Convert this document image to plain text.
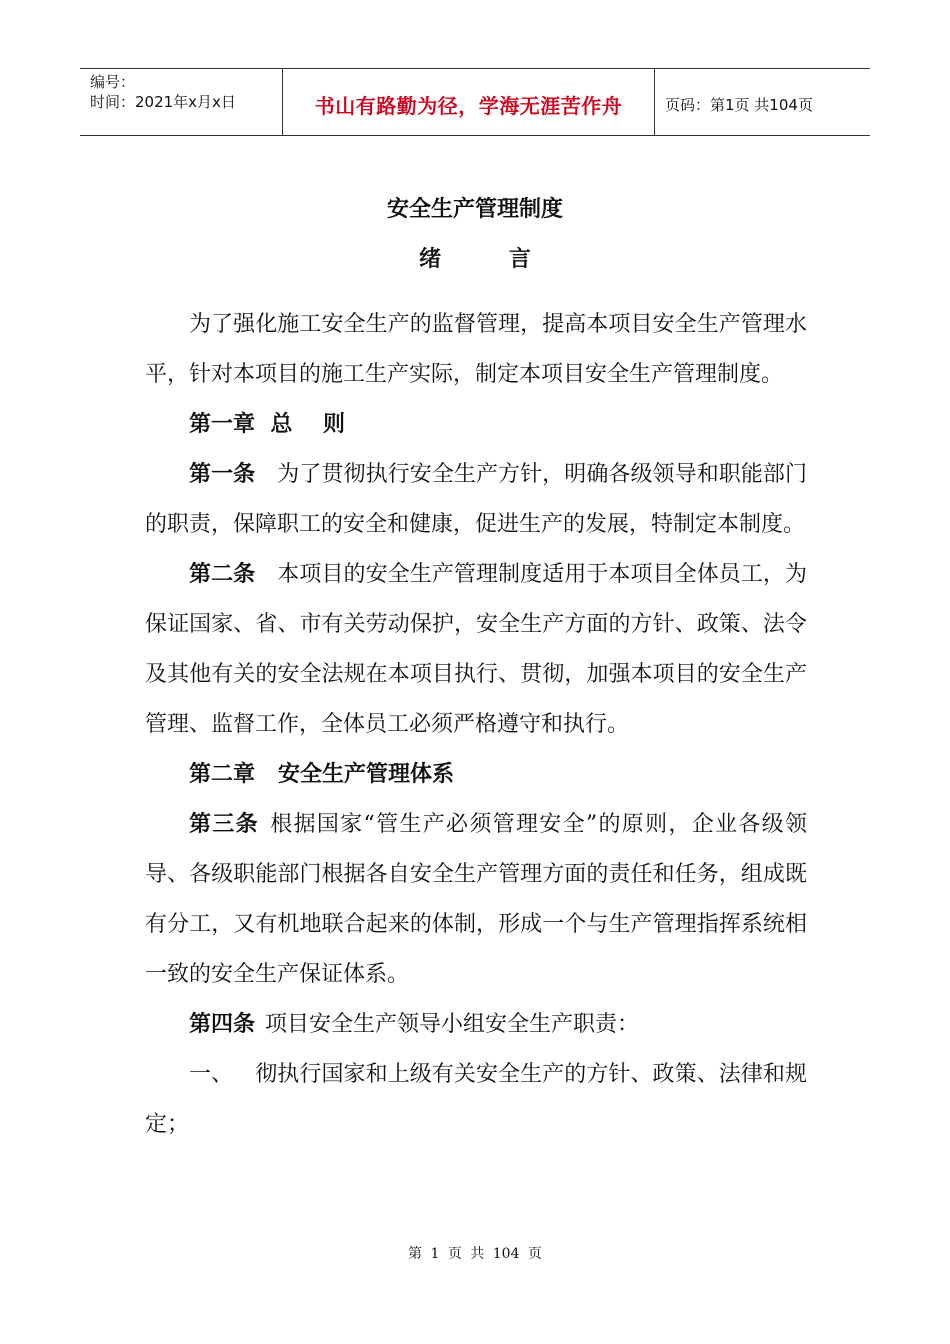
编号：
时间：2021年x月x日	书山有路勤为径，学海无涯苦作舟	页码：第1页 共104页
安全生产管理制度
绪 言

为了强化施工安全生产的监督管理，提高本项目安全生产管理水平，针对本项目的施工生产实际，制定本项目安全生产管理制度。

第一章  总    则

第一条 为了贯彻执行安全生产方针，明确各级领导和职能部门的职责，保障职工的安全和健康，促进生产的发展，特制定本制度。

第二条 本项目的安全生产管理制度适用于本项目全体员工，为保证国家、省、市有关劳动保护，安全生产方面的方针、政策、法令及其他有关的安全法规在本项目执行、贯彻，加强本项目的安全生产管理、监督工作，全体员工必须严格遵守和执行。

第二章   安全生产管理体系

第三条 根据国家“管生产必须管理安全”的原则，企业各级领导、各级职能部门根据各自安全生产管理方面的责任和任务，组成既有分工，又有机地联合起来的体制，形成一个与生产管理指挥系统相一致的安全生产保证体系。

第四条 项目安全生产领导小组安全生产职责：

一、 彻执行国家和上级有关安全生产的方针、政策、法律和规定；

第 1 页 共 104 页
